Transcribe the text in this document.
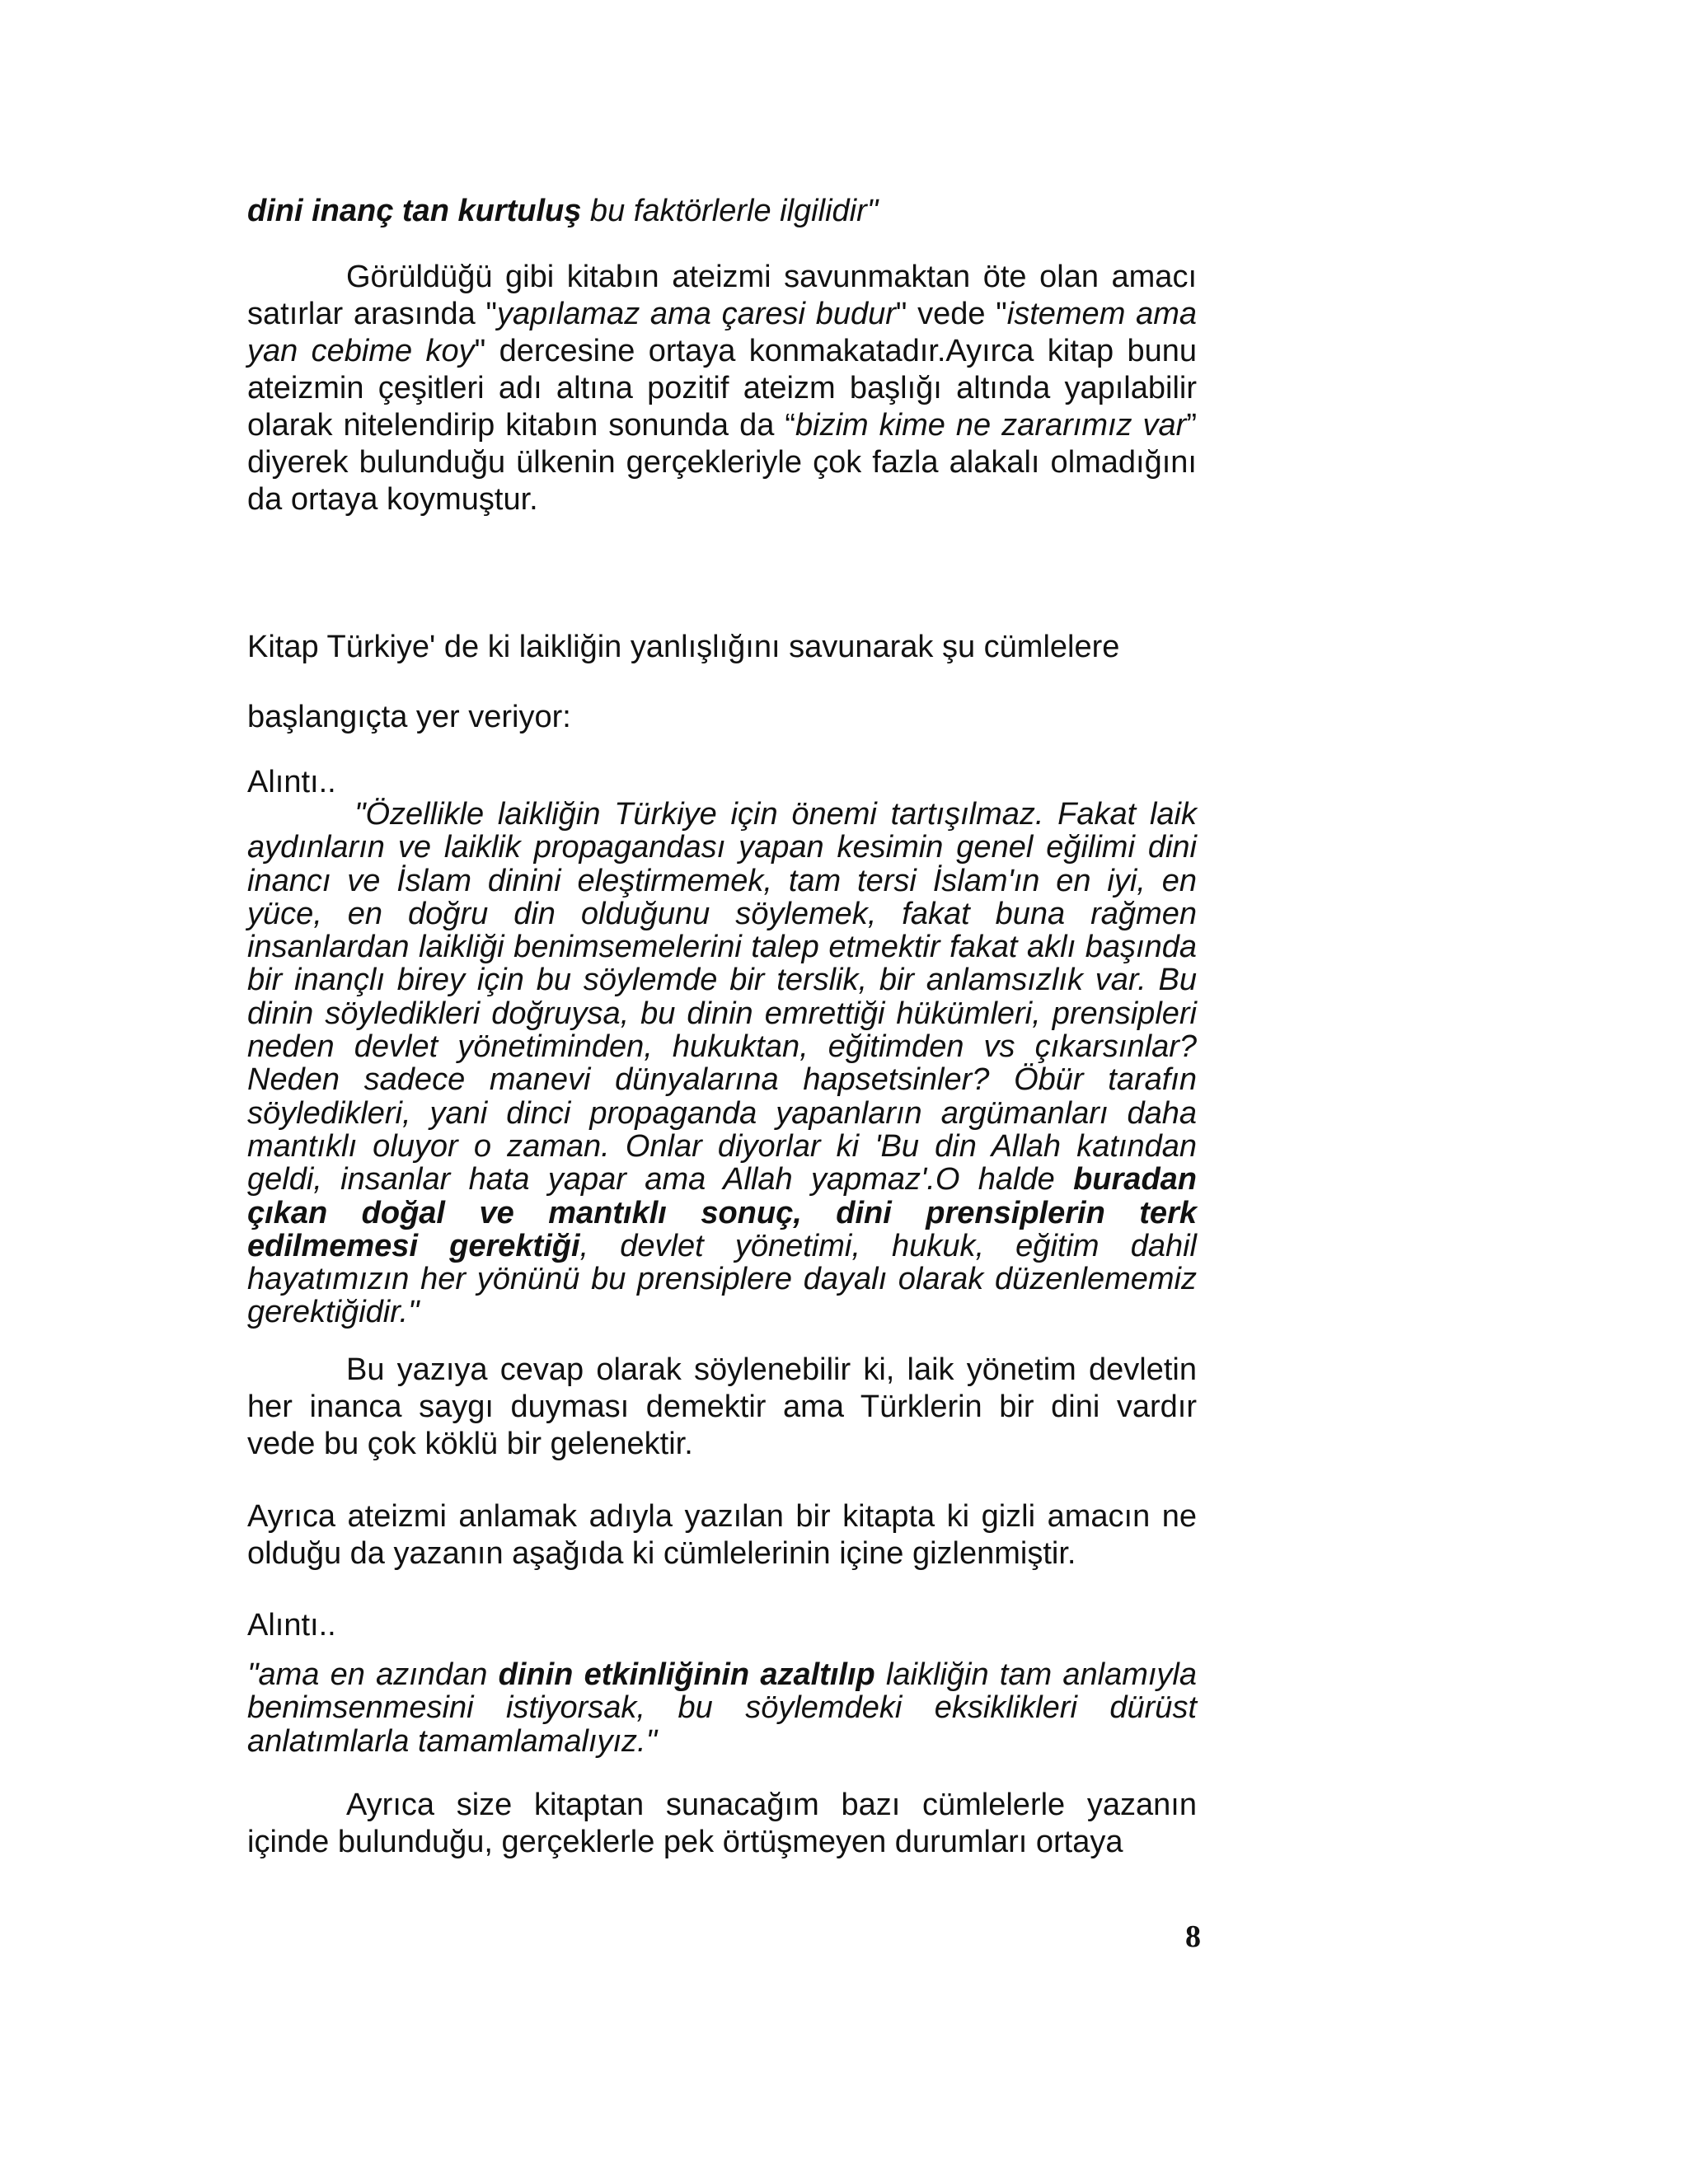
dini inanç tan kurtuluş bu faktörlerle ilgilidir"

Görüldüğü gibi kitabın ateizmi savunmaktan öte olan amacı satırlar arasında "yapılamaz ama çaresi budur" vede "istemem ama yan cebime koy" dercesine ortaya konmakatadır.Ayırca kitap bunu ateizmin çeşitleri adı altına pozitif ateizm başlığı altında yapılabilir olarak nitelendirip kitabın sonunda da “bizim kime ne zararımız var” diyerek bulunduğu ülkenin gerçekleriyle çok fazla alakalı olmadığını da ortaya koymuştur.

Kitap Türkiye' de ki laikliğin yanlışlığını savunarak şu cümlelere

başlangıçta yer veriyor:

Alıntı..

"Özellikle laikliğin Türkiye için önemi tartışılmaz. Fakat laik aydınların ve laiklik propagandası yapan kesimin genel eğilimi dini inancı ve İslam dinini eleştirmemek, tam tersi İslam'ın en iyi, en yüce, en doğru din olduğunu söylemek, fakat buna rağmen insanlardan laikliği benimsemelerini talep etmektir fakat aklı başında bir inançlı birey için bu söylemde bir terslik, bir anlamsızlık var. Bu dinin söyledikleri doğruysa, bu dinin emrettiği hükümleri, prensipleri neden devlet yönetiminden, hukuktan, eğitimden vs çıkarsınlar? Neden sadece manevi dünyalarına hapsetsinler? Öbür tarafın söyledikleri, yani dinci propaganda yapanların argümanları daha mantıklı oluyor o zaman. Onlar diyorlar ki 'Bu din Allah katından geldi, insanlar hata yapar ama Allah yapmaz'.O halde buradan çıkan doğal ve mantıklı sonuç, dini prensiplerin terk edilmemesi gerektiği, devlet yönetimi, hukuk, eğitim dahil hayatımızın her yönünü bu prensiplere dayalı olarak düzenlememiz gerektiğidir."

Bu yazıya cevap olarak söylenebilir ki, laik yönetim devletin her inanca saygı duyması demektir ama Türklerin bir dini vardır vede bu çok köklü bir gelenektir.

Ayrıca ateizmi anlamak adıyla yazılan bir kitapta ki gizli amacın ne olduğu da yazanın aşağıda ki cümlelerinin içine gizlenmiştir.

Alıntı..

"ama en azından dinin etkinliğinin azaltılıp laikliğin tam anlamıyla benimsenmesini istiyorsak, bu söylemdeki eksiklikleri dürüst anlatımlarla tamamlamalıyız."

Ayrıca size kitaptan sunacağım bazı cümlelerle yazanın içinde bulunduğu, gerçeklerle pek örtüşmeyen durumları ortaya

8
